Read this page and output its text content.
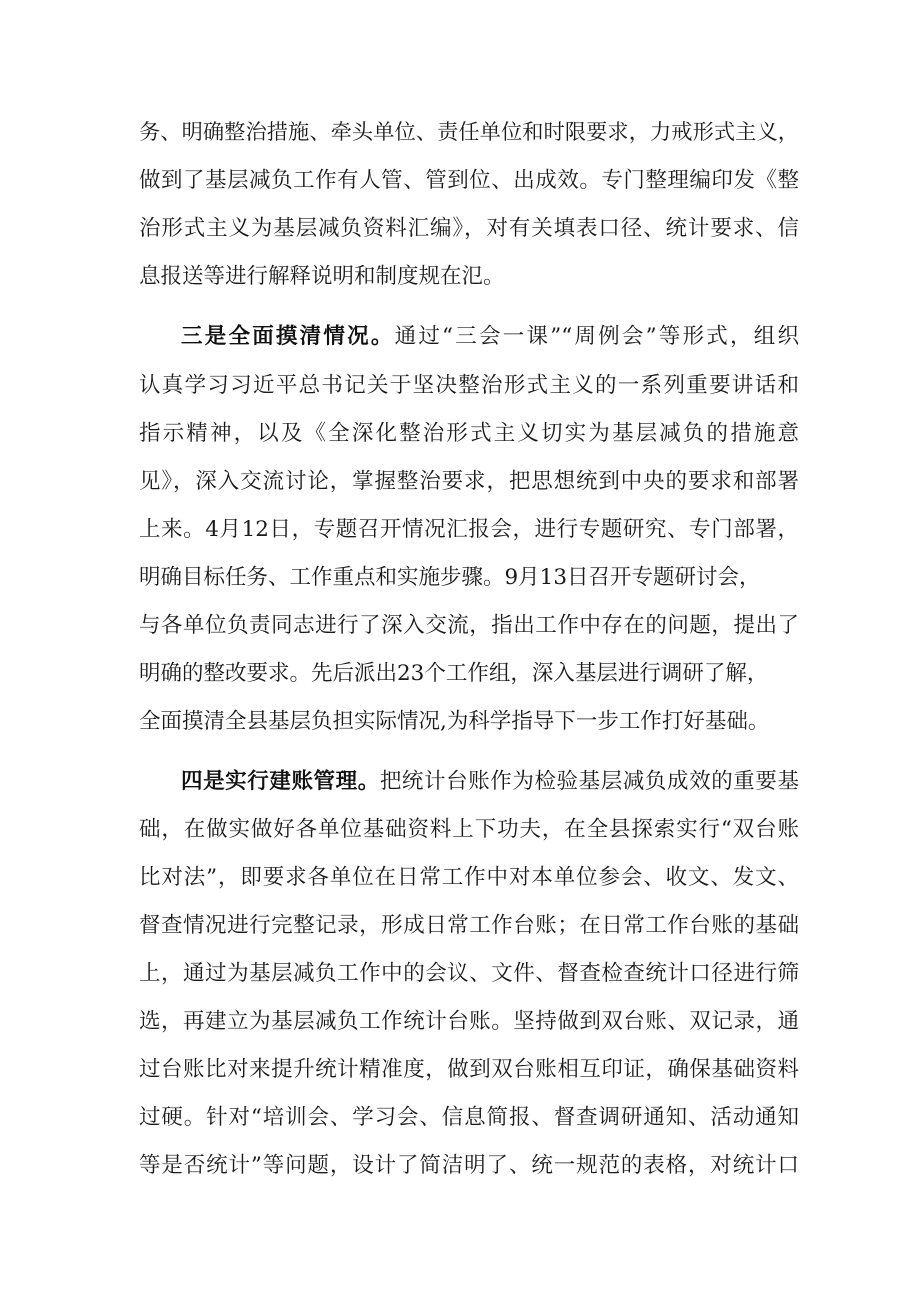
务、明确整治措施、牵头单位、责任单位和时限要求，力戒形式主义，
做到了基层减负工作有人管、管到位、出成效。专门整理编印发《整
治形式主义为基层减负资料汇编》，对有关填表口径、统计要求、信
息报送等进行解释说明和制度规在氾。
三是全面摸清情况。通过“三会一课”“周例会”等形式，组织
认真学习习近平总书记关于坚决整治形式主义的一系列重要讲话和
指示精神，以及《全深化整治形式主义切实为基层减负的措施意
见》，深入交流讨论，掌握整治要求，把思想统到中央的要求和部署
上来。4月12日，专题召开情况汇报会，进行专题研究、专门部署，
明确目标任务、工作重点和实施步骤。9月13日召开专题研讨会，
与各单位负责同志进行了深入交流，指出工作中存在的问题，提出了
明确的整改要求。先后派出23个工作组，深入基层进行调研了解，
全面摸清全县基层负担实际情况,为科学指导下一步工作打好基础。
四是实行建账管理。把统计台账作为检验基层减负成效的重要基
础，在做实做好各单位基础资料上下功夫，在全县探索实行“双台账
比对法”，即要求各单位在日常工作中对本单位参会、收文、发文、
督查情况进行完整记录，形成日常工作台账；在日常工作台账的基础
上，通过为基层减负工作中的会议、文件、督查检查统计口径进行筛
选，再建立为基层减负工作统计台账。坚持做到双台账、双记录，通
过台账比对来提升统计精准度，做到双台账相互印证，确保基础资料
过硬。针对“培训会、学习会、信息简报、督查调研通知、活动通知
等是否统计”等问题，设计了简洁明了、统一规范的表格，对统计口
